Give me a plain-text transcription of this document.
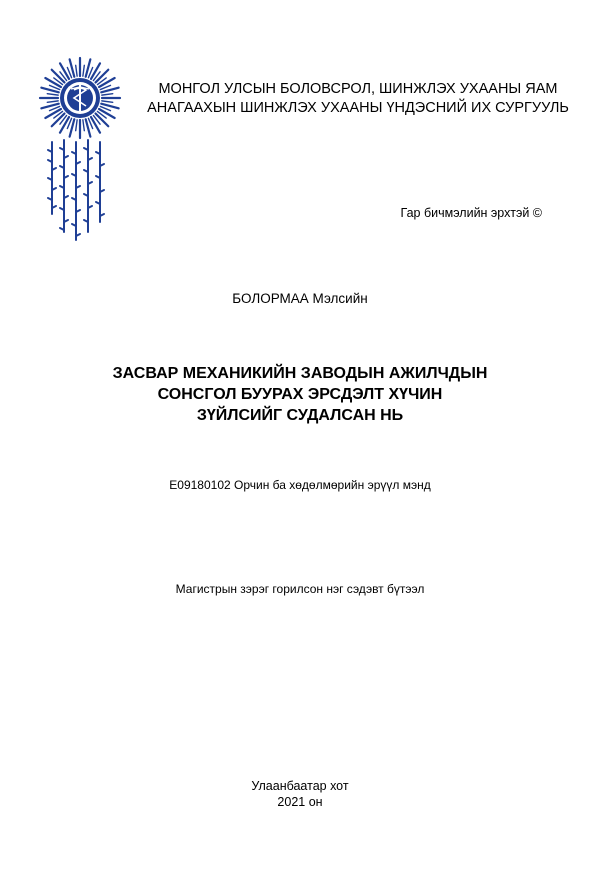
МОНГОЛ УЛСЫН БОЛОВСРОЛ, ШИНЖЛЭХ УХААНЫ ЯАМ
АНАГААХЫН ШИНЖЛЭХ УХААНЫ ҮНДЭСНИЙ ИХ СУРГУУЛЬ
Гар бичмэлийн эрхтэй ©
БОЛОРМАА Мэлсийн
ЗАСВАР МЕХАНИКИЙН ЗАВОДЫН АЖИЛЧДЫН
СОНСГОЛ БУУРАХ ЭРСДЭЛТ ХҮЧИН
ЗҮЙЛСИЙГ СУДАЛСАН НЬ
E09180102 Орчин ба хөдөлмөрийн эрүүл мэнд
Магистрын зэрэг горилсон нэг сэдэвт бүтээл
Улаанбаатар хот
2021 он
